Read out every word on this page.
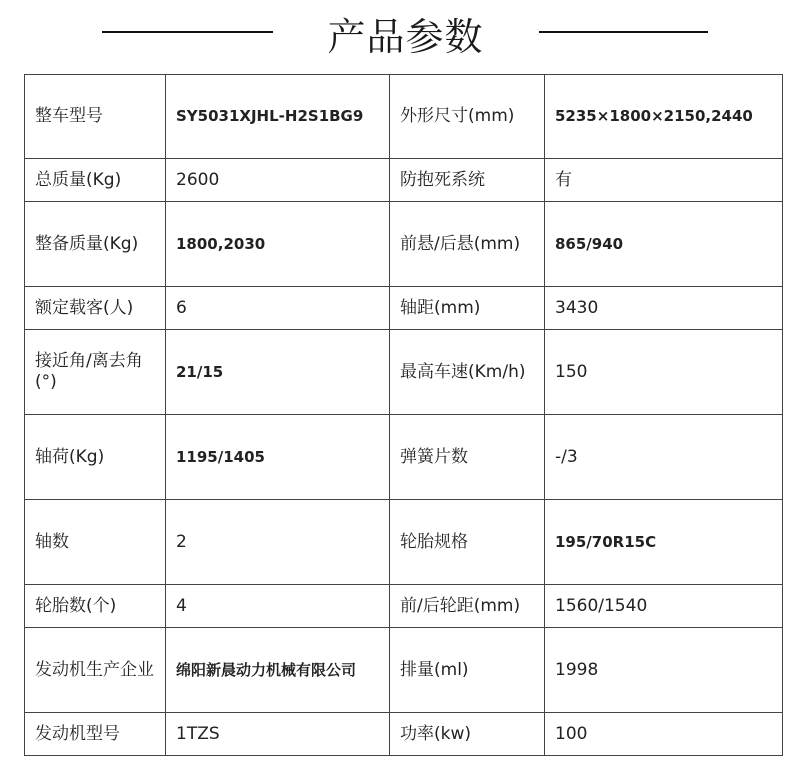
产品参数
整车型号	SY5031XJHL-H2S1BG9	外形尺寸(mm)	5235×1800×2150,2440
总质量(Kg)	2600	防抱死系统	有
整备质量(Kg)	1800,2030	前悬/后悬(mm)	865/940
额定载客(人)	6	轴距(mm)	3430
接近角/离去角(°)	21/15	最高车速(Km/h)	150
轴荷(Kg)	1195/1405	弹簧片数	-/3
轴数	2	轮胎规格	195/70R15C
轮胎数(个)	4	前/后轮距(mm)	1560/1540
发动机生产企业	绵阳新晨动力机械有限公司	排量(ml)	1998
发动机型号	1TZS	功率(kw)	100
